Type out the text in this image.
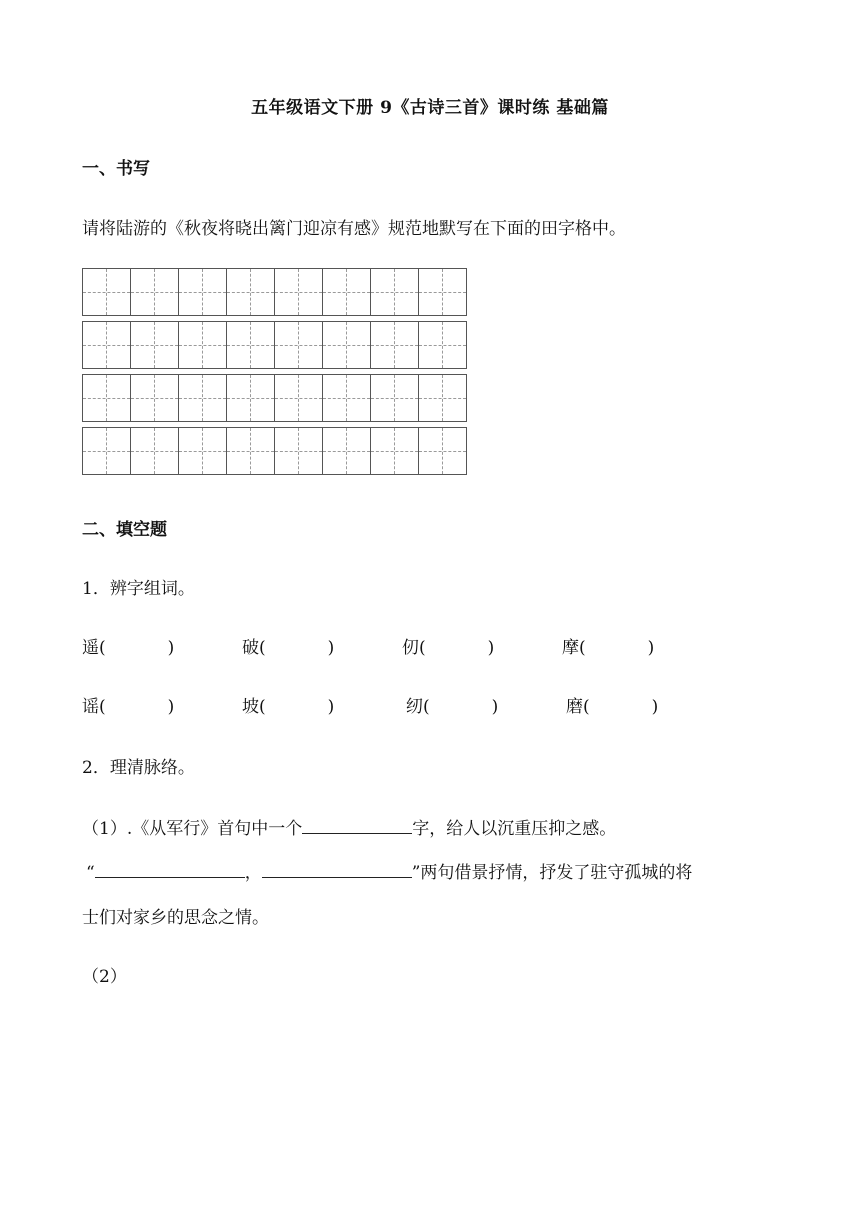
五年级语文下册 9《古诗三首》课时练 基础篇
一、书写
请将陆游的《秋夜将晓出篱门迎凉有感》规范地默写在下面的田字格中。
二、填空题
1．辨字组词。
遥(	)	破(	)	仞(	)	摩(	)
谣(	)	坡(	)	纫(	)	磨(	)
2．理清脉络。
（1）.《从军行》首句中一个	字，给人以沉重压抑之感。
“	，	”两句借景抒情，抒发了驻守孤城的将
士们对家乡的思念之情。
（2）
